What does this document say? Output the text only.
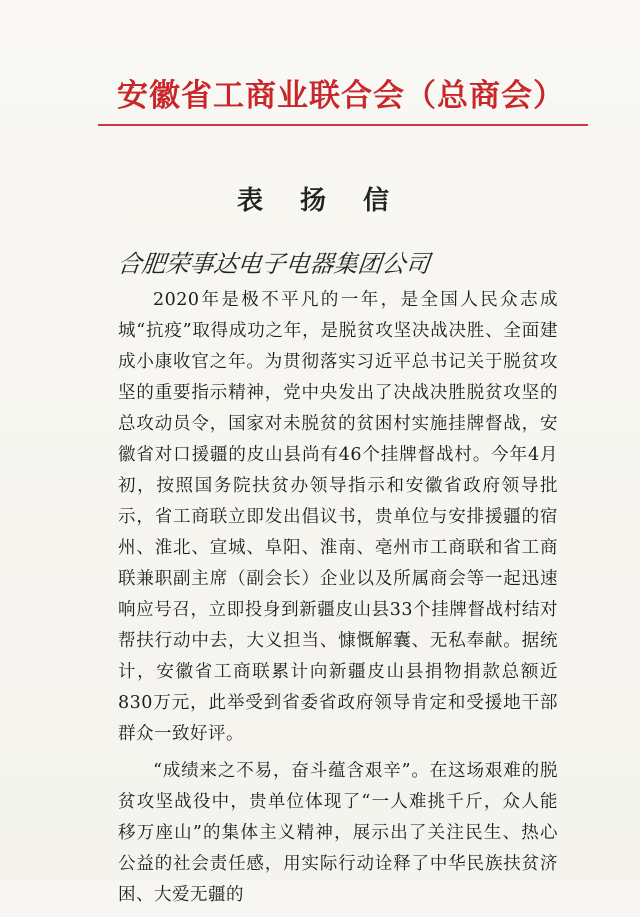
安徽省工商业联合会（总商会）
表 扬 信
合肥荣事达电子电器集团公司

2020年是极不平凡的一年，是全国人民众志成城“抗疫”取得成功之年，是脱贫攻坚决战决胜、全面建成小康收官之年。为贯彻落实习近平总书记关于脱贫攻坚的重要指示精神，党中央发出了决战决胜脱贫攻坚的总攻动员令，国家对未脱贫的贫困村实施挂牌督战，安徽省对口援疆的皮山县尚有46个挂牌督战村。今年4月初，按照国务院扶贫办领导指示和安徽省政府领导批示，省工商联立即发出倡议书，贵单位与安排援疆的宿州、淮北、宣城、阜阳、淮南、亳州市工商联和省工商联兼职副主席（副会长）企业以及所属商会等一起迅速响应号召，立即投身到新疆皮山县33个挂牌督战村结对帮扶行动中去，大义担当、慷慨解囊、无私奉献。据统计，安徽省工商联累计向新疆皮山县捐物捐款总额近830万元，此举受到省委省政府领导肯定和受援地干部群众一致好评。

“成绩来之不易，奋斗蕴含艰辛”。在这场艰难的脱贫攻坚战役中，贵单位体现了“一人难挑千斤，众人能移万座山”的集体主义精神，展示出了关注民生、热心公益的社会责任感，用实际行动诠释了中华民族扶贫济困、大爱无疆的
